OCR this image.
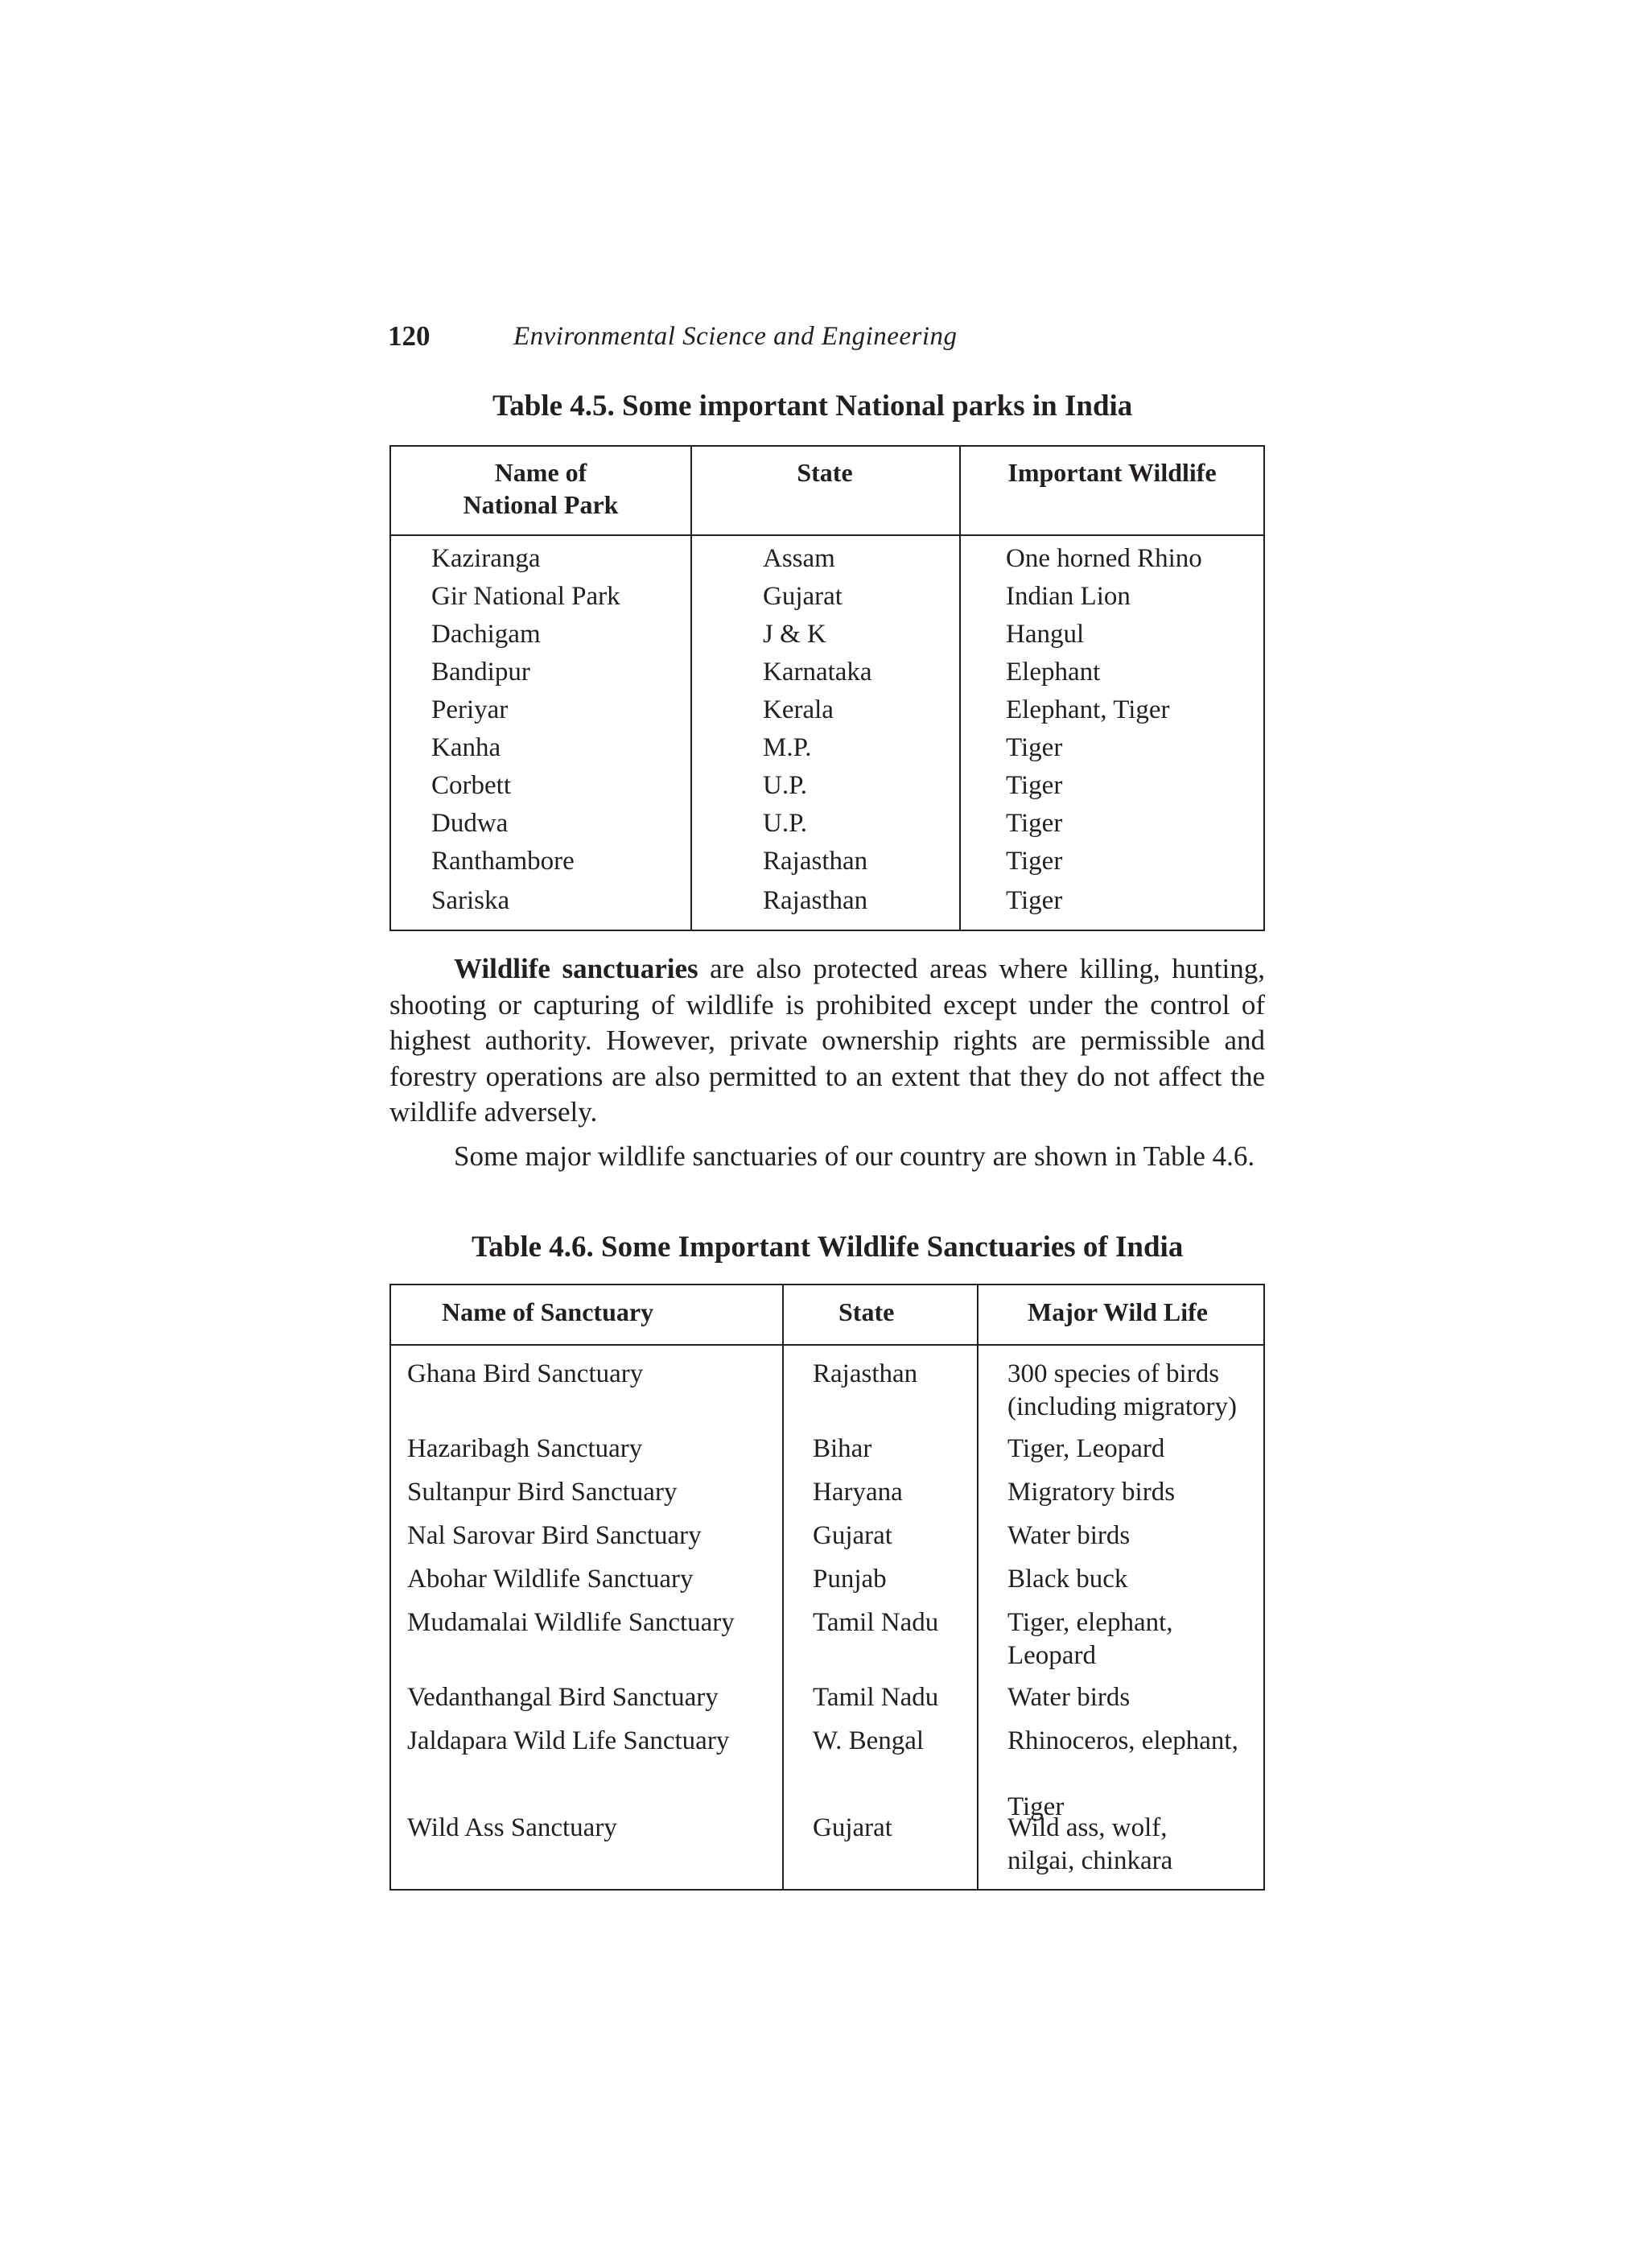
120	Environmental Science and Engineering
Table 4.5. Some important National parks in India
Name of
National Park
State	Important Wildlife
Kaziranga	Assam	One horned Rhino
Gir National Park	Gujarat	Indian Lion
Dachigam	J & K	Hangul
Bandipur	Karnataka	Elephant
Periyar	Kerala	Elephant, Tiger
Kanha	M.P.	Tiger
Corbett	U.P.	Tiger
Dudwa	U.P.	Tiger
Ranthambore	Rajasthan	Tiger
Sariska	Rajasthan	Tiger
Wildlife sanctuaries are also protected areas where killing, hunting, shooting or capturing of wildlife is prohibited except under the control of highest authority. However, private ownership rights are permissible and forestry operations are also permitted to an extent that they do not affect the wildlife adversely.
Some major wildlife sanctuaries of our country are shown in Table 4.6.
Table 4.6. Some Important Wildlife Sanctuaries of India
Name of Sanctuary	State	Major Wild Life
Ghana Bird Sanctuary	Rajasthan	300 species of birds
(including migratory)
Hazaribagh Sanctuary	Bihar	Tiger, Leopard
Sultanpur Bird Sanctuary	Haryana	Migratory birds
Nal Sarovar Bird Sanctuary	Gujarat	Water birds
Abohar Wildlife Sanctuary	Punjab	Black buck
Mudamalai Wildlife Sanctuary	Tamil Nadu	Tiger, elephant,
Leopard
Vedanthangal Bird Sanctuary	Tamil Nadu	Water birds
Jaldapara Wild Life Sanctuary	W. Bengal	Rhinoceros, elephant,

Tiger
Wild Ass Sanctuary	Gujarat	Wild ass, wolf,
nilgai, chinkara
